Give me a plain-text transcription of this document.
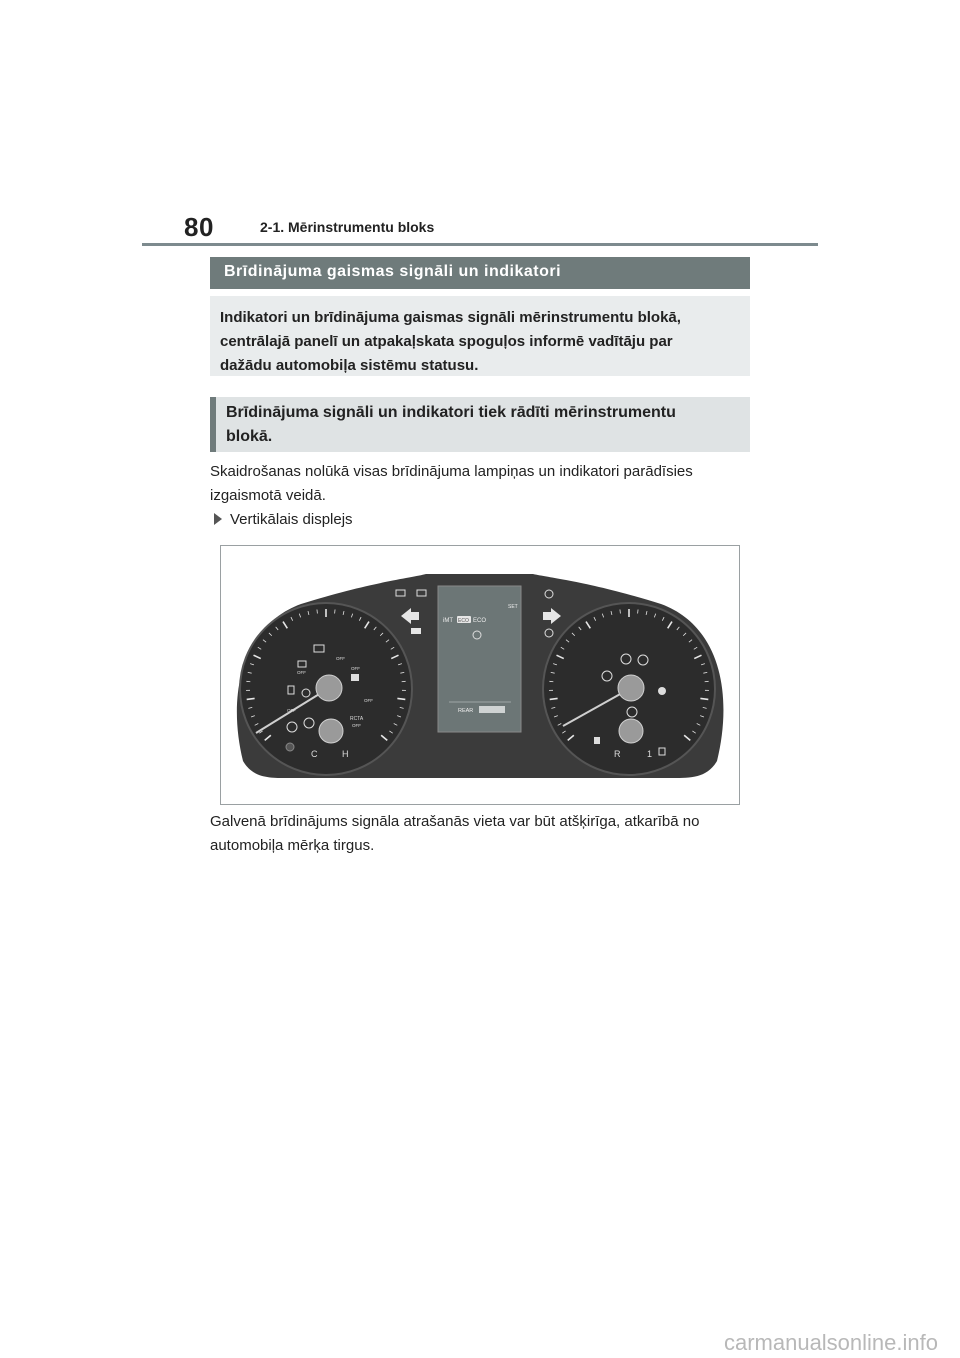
80	2-1. Mērinstrumentu bloks
Brīdinājuma gaismas signāli un indikatori
Indikatori un brīdinājuma gaismas signāli mērinstrumentu blokā,
centrālajā panelī un atpakaļskata spoguļos informē vadītāju par
dažādu automobiļa sistēmu statusu.
Brīdinājuma signāli un indikatori tiek rādīti mērinstrumentu
blokā.
Skaidrošanas nolūkā visas brīdinājuma lampiņas un indikatori parādīsies
izgaismotā veidā.
Vertikālais displejs
iMT ECO ECO
SET
REAR
OFF
OFF
OFF
OFF
OFF
RCTA
OFF
C	H	R	1
Galvenā brīdinājums signāla atrašanās vieta var būt atšķirīga, atkarībā no
automobiļa mērķa tirgus.
carmanualsonline.info
